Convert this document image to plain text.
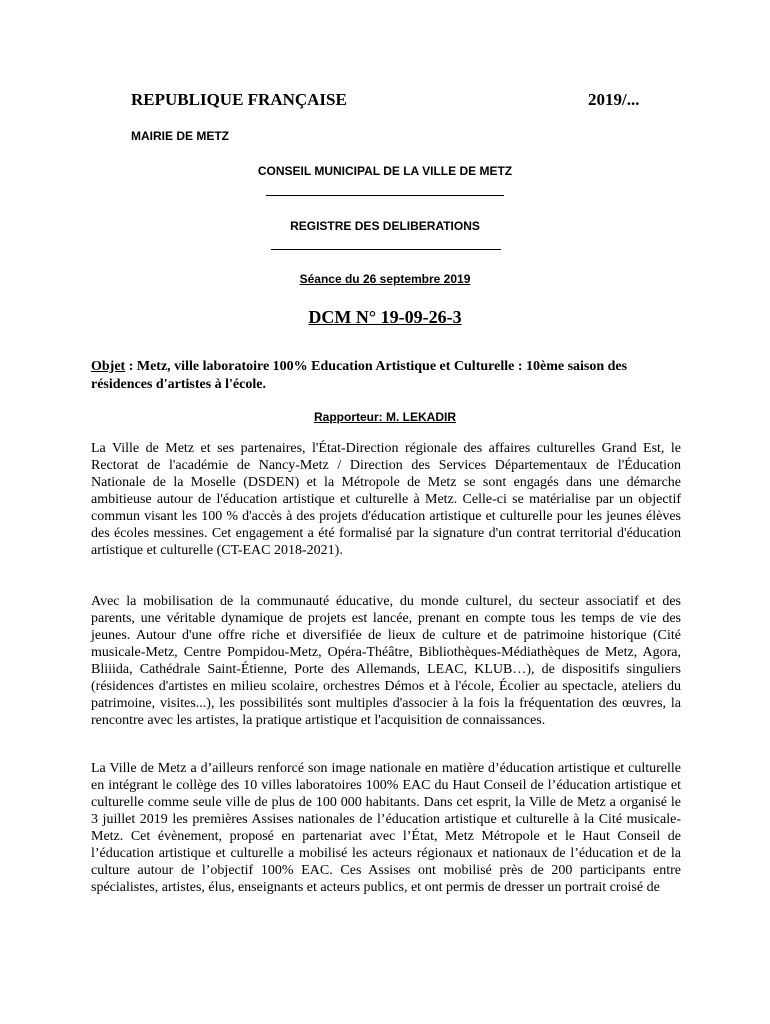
REPUBLIQUE FRANÇAISE	2019/...
MAIRIE DE METZ
CONSEIL MUNICIPAL DE LA VILLE DE METZ
REGISTRE DES DELIBERATIONS
Séance du 26 septembre 2019
DCM N° 19-09-26-3
Objet : Metz, ville laboratoire 100% Education Artistique et Culturelle : 10ème saison des résidences d'artistes à l'école.
Rapporteur: M. LEKADIR

La Ville de Metz et ses partenaires, l'État-Direction régionale des affaires culturelles Grand Est, le Rectorat de l'académie de Nancy-Metz / Direction des Services Départementaux de l'Éducation Nationale de la Moselle (DSDEN) et la Métropole de Metz se sont engagés dans une démarche ambitieuse autour de l'éducation artistique et culturelle à Metz. Celle-ci se matérialise par un objectif commun visant les 100 % d'accès à des projets d'éducation artistique et culturelle pour les jeunes élèves des écoles messines. Cet engagement a été formalisé par la signature d'un contrat territorial d'éducation artistique et culturelle (CT-EAC 2018-2021).

Avec la mobilisation de la communauté éducative, du monde culturel, du secteur associatif et des parents, une véritable dynamique de projets est lancée, prenant en compte tous les temps de vie des jeunes. Autour d'une offre riche et diversifiée de lieux de culture et de patrimoine historique (Cité musicale-Metz, Centre Pompidou-Metz, Opéra-Théâtre, Bibliothèques-Médiathèques de Metz, Agora, Bliiida, Cathédrale Saint-Étienne, Porte des Allemands, LEAC, KLUB…), de dispositifs singuliers (résidences d'artistes en milieu scolaire, orchestres Démos et à l'école, Écolier au spectacle, ateliers du patrimoine, visites...), les possibilités sont multiples d'associer à la fois la fréquentation des œuvres, la rencontre avec les artistes, la pratique artistique et l'acquisition de connaissances.

La Ville de Metz a d’ailleurs renforcé son image nationale en matière d’éducation artistique et culturelle en intégrant le collège des 10 villes laboratoires 100% EAC du Haut Conseil de l’éducation artistique et culturelle comme seule ville de plus de 100 000 habitants. Dans cet esprit, la Ville de Metz a organisé le 3 juillet 2019 les premières Assises nationales de l’éducation artistique et culturelle à la Cité musicale-Metz. Cet évènement, proposé en partenariat avec l’État, Metz Métropole et le Haut Conseil de l’éducation artistique et culturelle a mobilisé les acteurs régionaux et nationaux de l’éducation et de la culture autour de l’objectif 100% EAC. Ces Assises ont mobilisé près de 200 participants entre spécialistes, artistes, élus, enseignants et acteurs publics, et ont permis de dresser un portrait croisé de
